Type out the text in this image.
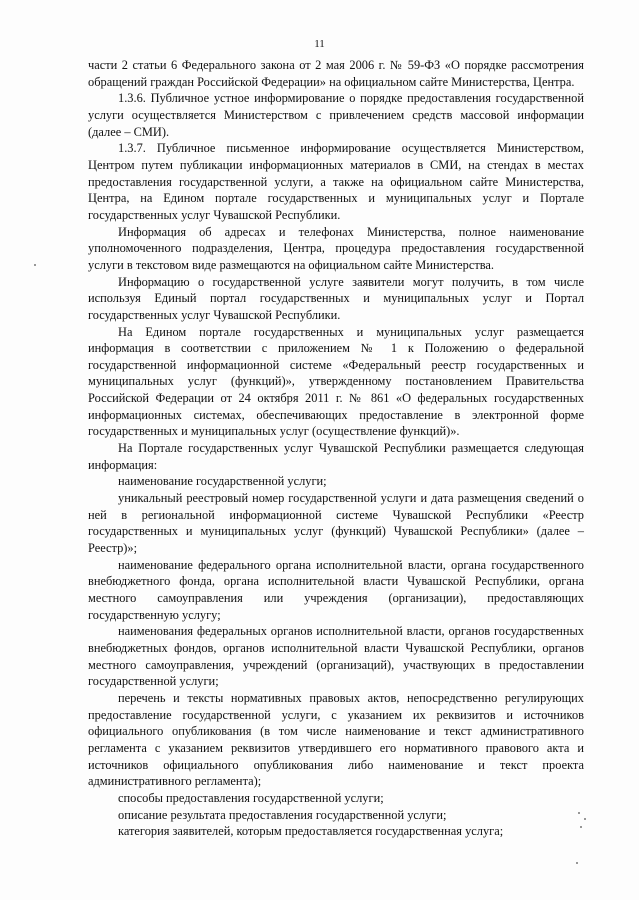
11

части 2 статьи 6 Федерального закона от 2 мая 2006 г. № 59-ФЗ «О порядке рассмотрения обращений граждан Российской Федерации» на официальном сайте Министерства, Центра.

1.3.6. Публичное устное информирование о порядке предоставления государственной услуги осуществляется Министерством с привлечением средств массовой информации (далее – СМИ).

1.3.7. Публичное письменное информирование осуществляется Министерством, Центром путем публикации информационных материалов в СМИ, на стендах в местах предоставления государственной услуги, а также на официальном сайте Министерства, Центра, на Едином портале государственных и муниципальных услуг и Портале государственных услуг Чувашской Республики.

Информация об адресах и телефонах Министерства, полное наименование уполномоченного подразделения, Центра, процедура предоставления государственной услуги в текстовом виде размещаются на официальном сайте Министерства.

Информацию о государственной услуге заявители могут получить, в том числе используя Единый портал государственных и муниципальных услуг и Портал государственных услуг Чувашской Республики.

На Едином портале государственных и муниципальных услуг размещается информация в соответствии с приложением № 1 к Положению о федеральной государственной информационной системе «Федеральный реестр государственных и муниципальных услуг (функций)», утвержденному постановлением Правительства Российской Федерации от 24 октября 2011 г. № 861 «О федеральных государственных информационных системах, обеспечивающих предоставление в электронной форме государственных и муниципальных услуг (осуществление функций)».

На Портале государственных услуг Чувашской Республики размещается следующая информация:

наименование государственной услуги;

уникальный реестровый номер государственной услуги и дата размещения сведений о ней в региональной информационной системе Чувашской Республики «Реестр государственных и муниципальных услуг (функций) Чувашской Республики» (далее – Реестр)»;

наименование федерального органа исполнительной власти, органа государственного внебюджетного фонда, органа исполнительной власти Чувашской Республики, органа местного самоуправления или учреждения (организации), предоставляющих государственную услугу;

наименования федеральных органов исполнительной власти, органов государственных внебюджетных фондов, органов исполнительной власти Чувашской Республики, органов местного самоуправления, учреждений (организаций), участвующих в предоставлении государственной услуги;

перечень и тексты нормативных правовых актов, непосредственно регулирующих предоставление государственной услуги, с указанием их реквизитов и источников официального опубликования (в том числе наименование и текст административного регламента с указанием реквизитов утвердившего его нормативного правового акта и источников официального опубликования либо наименование и текст проекта административного регламента);

способы предоставления государственной услуги;

описание результата предоставления государственной услуги;

категория заявителей, которым предоставляется государственная услуга;
